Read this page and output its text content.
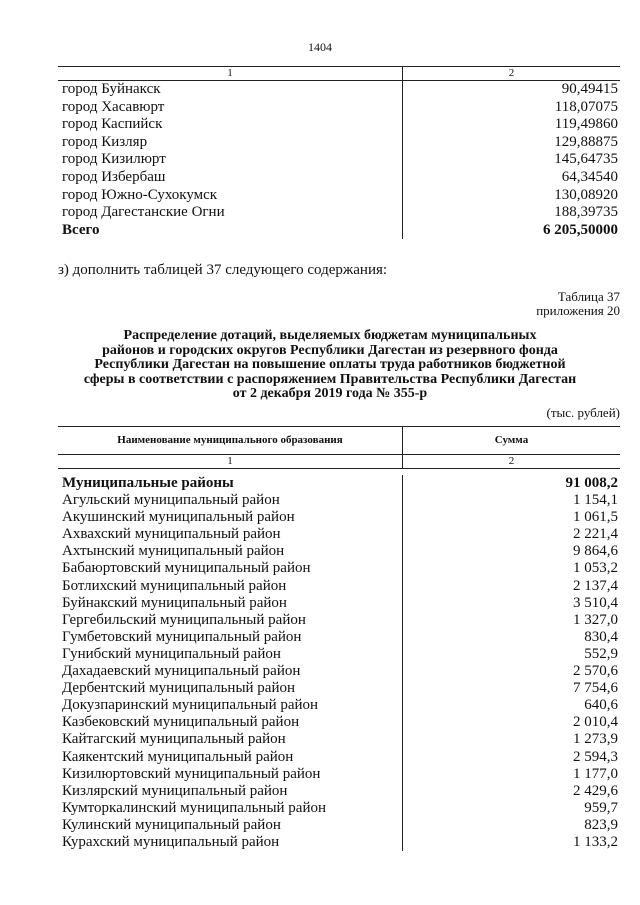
1404
1	2
город Буйнакск	90,49415
город Хасавюрт	118,07075
город Каспийск	119,49860
город Кизляр	129,88875
город Кизилюрт	145,64735
город Избербаш	64,34540
город Южно-Сухокумск	130,08920
город Дагестанские Огни	188,39735
Всего	6 205,50000
з) дополнить таблицей 37 следующего содержания:
Таблица 37
приложения 20
Распределение дотаций, выделяемых бюджетам муниципальных
районов и городских округов Республики Дагестан из резервного фонда
Республики Дагестан на повышение оплаты труда работников бюджетной
сферы в соответствии с распоряжением Правительства Республики Дагестан
от 2 декабря 2019 года № 355-р
(тыс. рублей)
Наименование муниципального образования	Сумма
1	2
Муниципальные районы	91 008,2
Агульский муниципальный район	1 154,1
Акушинский муниципальный район	1 061,5
Ахвахский муниципальный район	2 221,4
Ахтынский муниципальный район	9 864,6
Бабаюртовский муниципальный район	1 053,2
Ботлихский муниципальный район	2 137,4
Буйнакский муниципальный район	3 510,4
Гергебильский муниципальный район	1 327,0
Гумбетовский муниципальный район	830,4
Гунибский муниципальный район	552,9
Дахадаевский муниципальный район	2 570,6
Дербентский муниципальный район	7 754,6
Докузпаринский муниципальный район	640,6
Казбековский муниципальный район	2 010,4
Кайтагский муниципальный район	1 273,9
Каякентский муниципальный район	2 594,3
Кизилюртовский муниципальный район	1 177,0
Кизлярский муниципальный район	2 429,6
Кумторкалинский муниципальный район	959,7
Кулинский муниципальный район	823,9
Курахский муниципальный район	1 133,2
